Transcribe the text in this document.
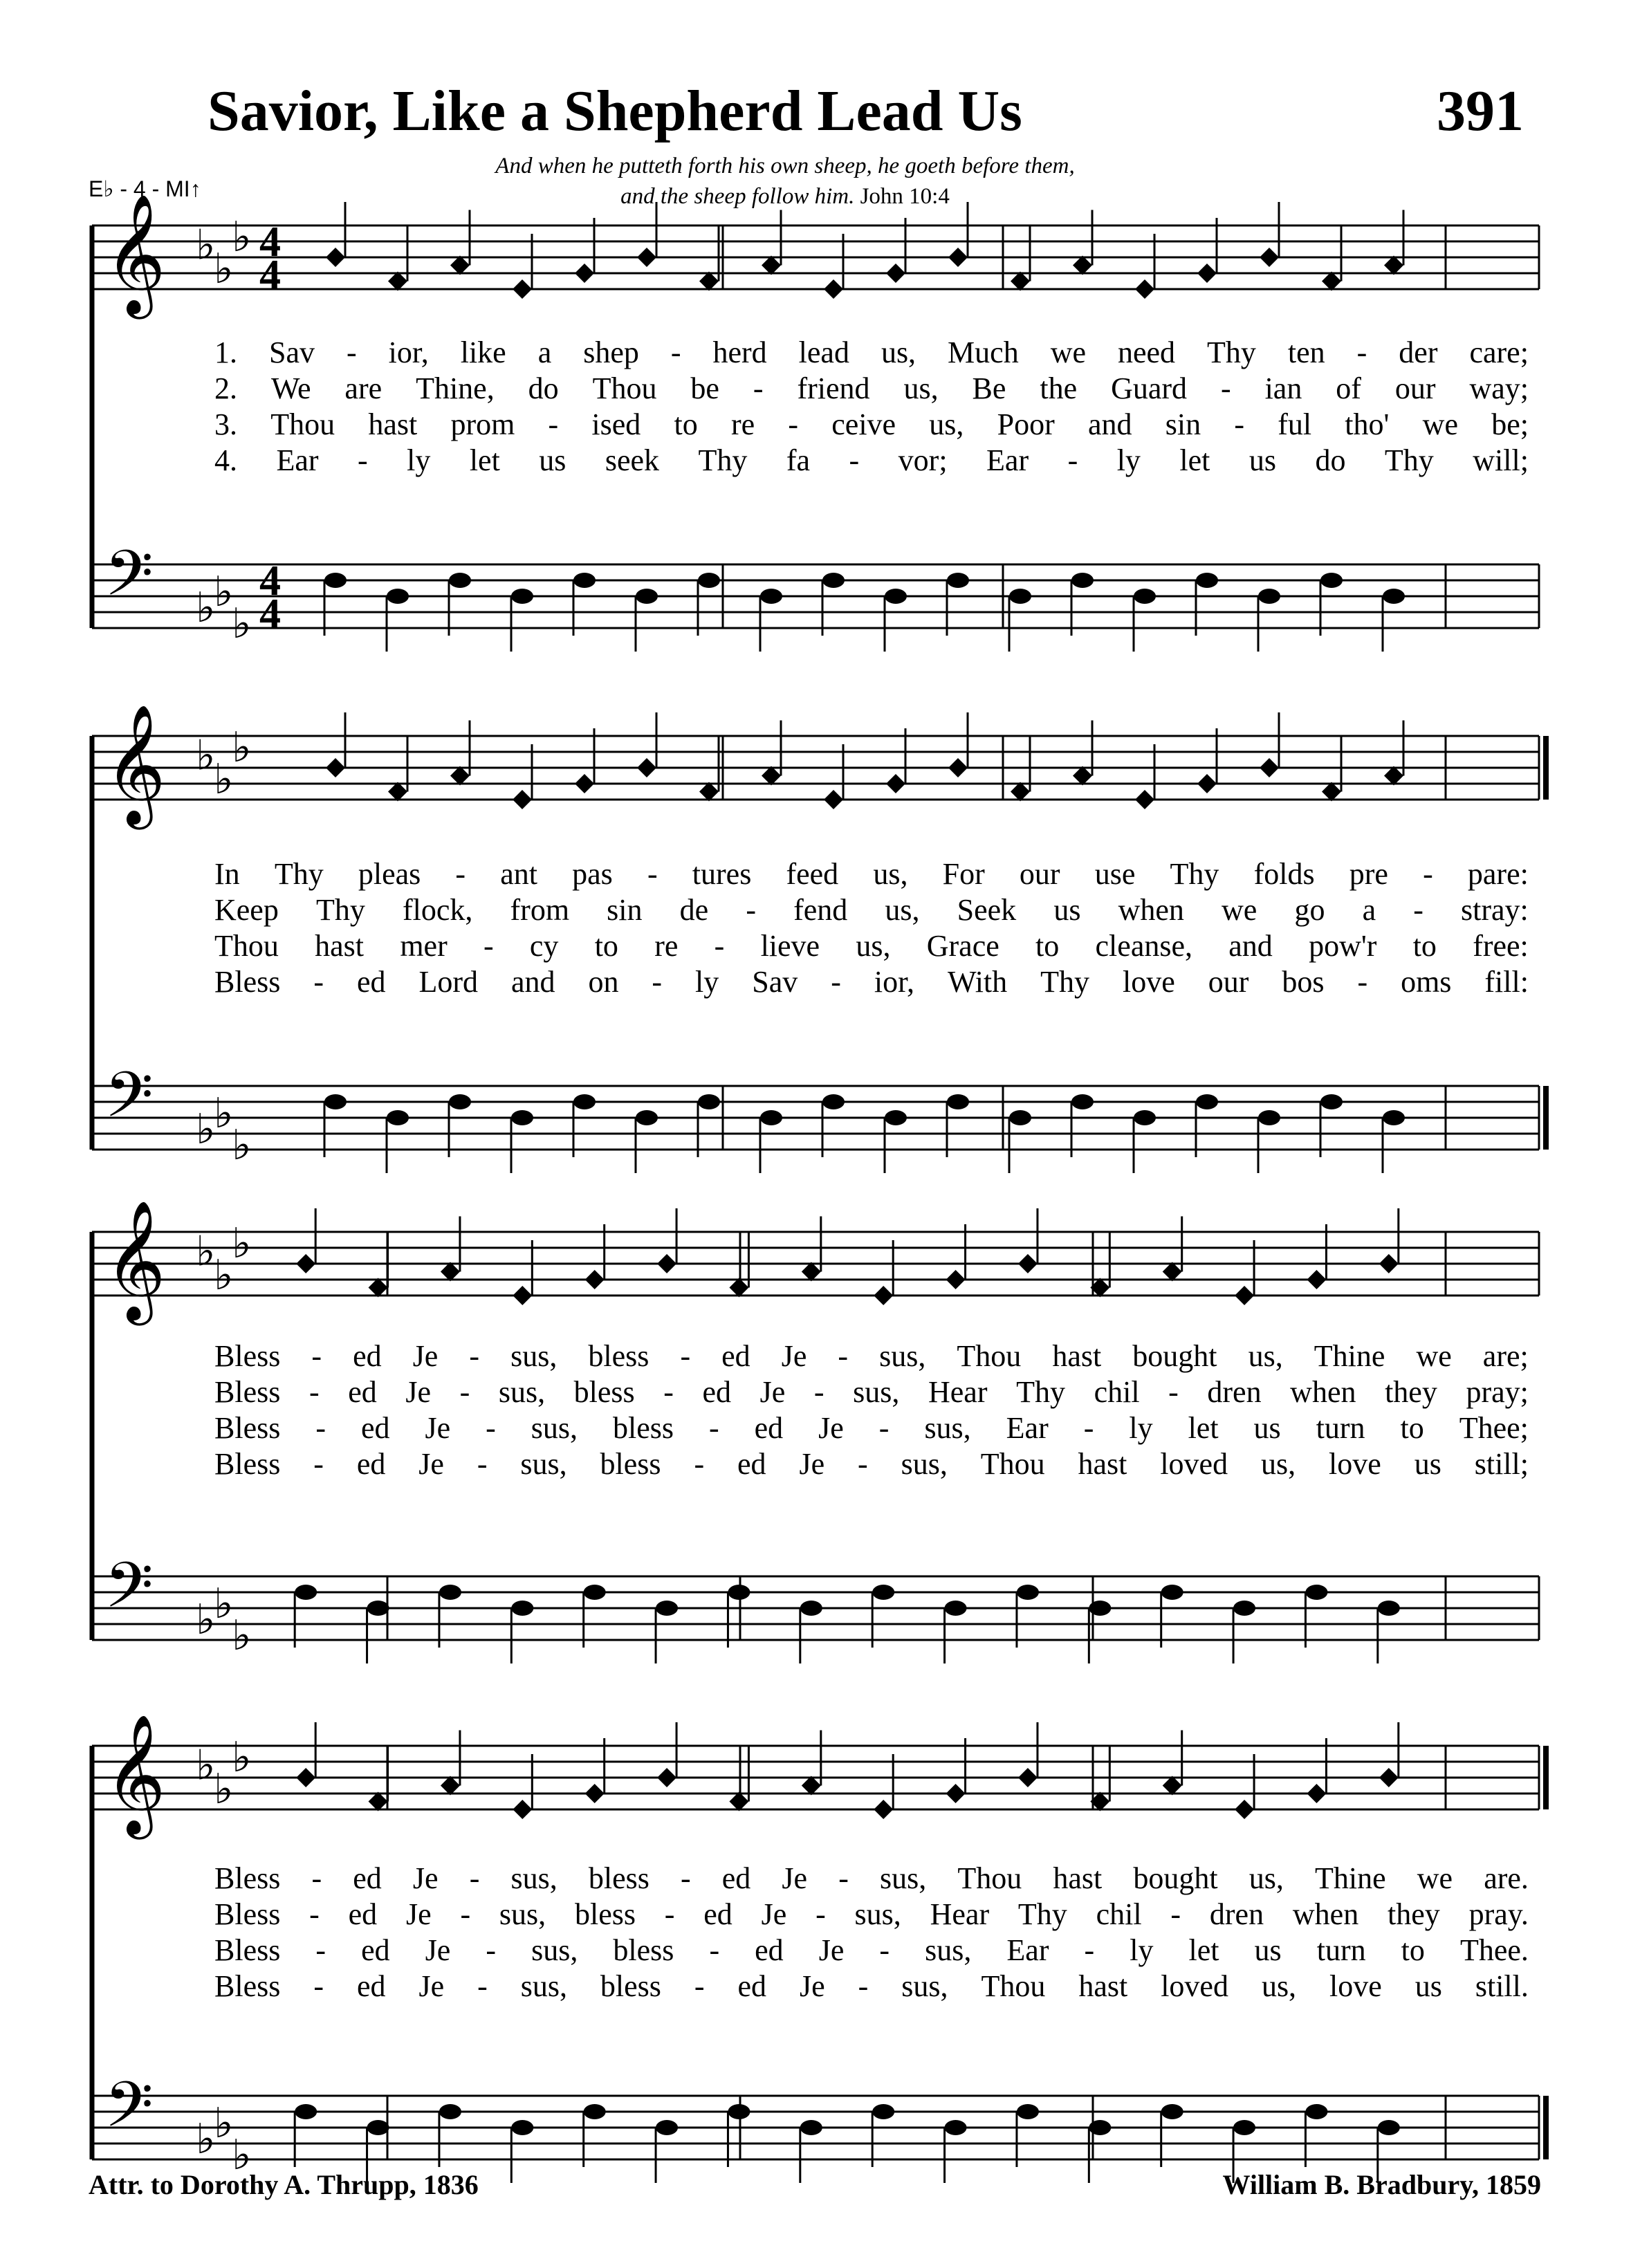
Savior, Like a Shepherd Lead Us	391
And when he putteth forth his own sheep, he goeth before them,
and the sheep follow him. John 10:4
E♭ - 4 - MI↑
𝄞 ♭
♭
♭ 4
4
𝄢 ♭
♭
♭
4
4
𝄞 ♭
♭
♭
𝄢 ♭
♭
♭
𝄞 ♭
♭
♭
𝄢 ♭
♭
♭
𝄞 ♭
♭
♭
𝄢 ♭
♭
♭
1. Sav - ior, like a shep - herd lead us, Much we need Thy ten - der care;
2. We are Thine, do Thou be - friend us, Be the Guard - ian of our way;
3. Thou hast prom - ised to re - ceive us, Poor and sin - ful tho' we be;
4. Ear - ly let us seek Thy fa - vor; Ear - ly let us do Thy will;
In Thy pleas - ant pas - tures feed us, For our use Thy folds pre - pare:
Keep Thy flock, from sin de - fend us, Seek us when we go a - stray:
Thou hast mer - cy to re - lieve us, Grace to cleanse, and pow'r to free:
Bless - ed Lord and on - ly Sav - ior, With Thy love our bos - oms fill:
Bless - ed Je - sus, bless - ed Je - sus, Thou hast bought us, Thine we are;
Bless - ed Je - sus, bless - ed Je - sus, Hear Thy chil - dren when they pray;
Bless - ed Je - sus, bless - ed Je - sus, Ear - ly let us turn to Thee;
Bless - ed Je - sus, bless - ed Je - sus, Thou hast loved us, love us still;
Bless - ed Je - sus, bless - ed Je - sus, Thou hast bought us, Thine we are.
Bless - ed Je - sus, bless - ed Je - sus, Hear Thy chil - dren when they pray.
Bless - ed Je - sus, bless - ed Je - sus, Ear - ly let us turn to Thee.
Bless - ed Je - sus, bless - ed Je - sus, Thou hast loved us, love us still.
Attr. to Dorothy A. Thrupp, 1836	William B. Bradbury, 1859
